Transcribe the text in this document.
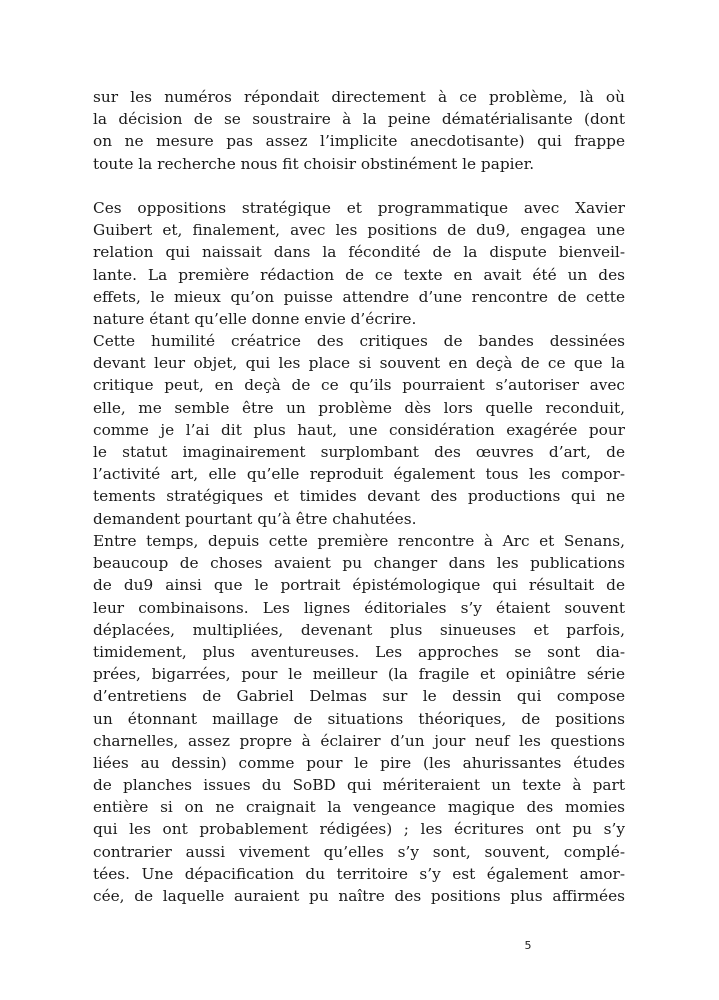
sur les numéros répondait directement à ce problème, là où
la décision de se soustraire à la peine dématérialisante (dont
on ne mesure pas assez l’implicite anecdotisante) qui frappe
toute la recherche nous fit choisir obstinément le papier.
Ces oppositions stratégique et programmatique avec Xavier
Guibert et, finalement, avec les positions de du9, engagea une
relation qui naissait dans la fécondité de la dispute bienveil-
lante. La première rédaction de ce texte en avait été un des
effets, le mieux qu’on puisse attendre d’une rencontre de cette
nature étant qu’elle donne envie d’écrire.
Cette humilité créatrice des critiques de bandes dessinées
devant leur objet, qui les place si souvent en deçà de ce que la
critique peut, en deçà de ce qu’ils pourraient s’autoriser avec
elle, me semble être un problème dès lors quelle reconduit,
comme je l’ai dit plus haut, une considération exagérée pour
le statut imaginairement surplombant des œuvres d’art, de
l’activité art, elle qu’elle reproduit également tous les compor-
tements stratégiques et timides devant des productions qui ne
demandent pourtant qu’à être chahutées.
Entre temps, depuis cette première rencontre à Arc et Senans,
beaucoup de choses avaient pu changer dans les publications
de du9 ainsi que le portrait épistémologique qui résultait de
leur combinaisons. Les lignes éditoriales s’y étaient souvent
déplacées, multipliées, devenant plus sinueuses et parfois,
timidement, plus aventureuses. Les approches se sont dia-
prées, bigarrées, pour le meilleur (la fragile et opiniâtre série
d’entretiens de Gabriel Delmas sur le dessin qui compose
un étonnant maillage de situations théoriques, de positions
charnelles, assez propre à éclairer d’un jour neuf les questions
liées au dessin) comme pour le pire (les ahurissantes études
de planches issues du SoBD qui mériteraient un texte à part
entière si on ne craignait la vengeance magique des momies
qui les ont probablement rédigées) ; les écritures ont pu s’y
contrarier aussi vivement qu’elles s’y sont, souvent, complé-
tées. Une dépacification du territoire s’y est également amor-
cée, de laquelle auraient pu naître des positions plus affirmées
5
